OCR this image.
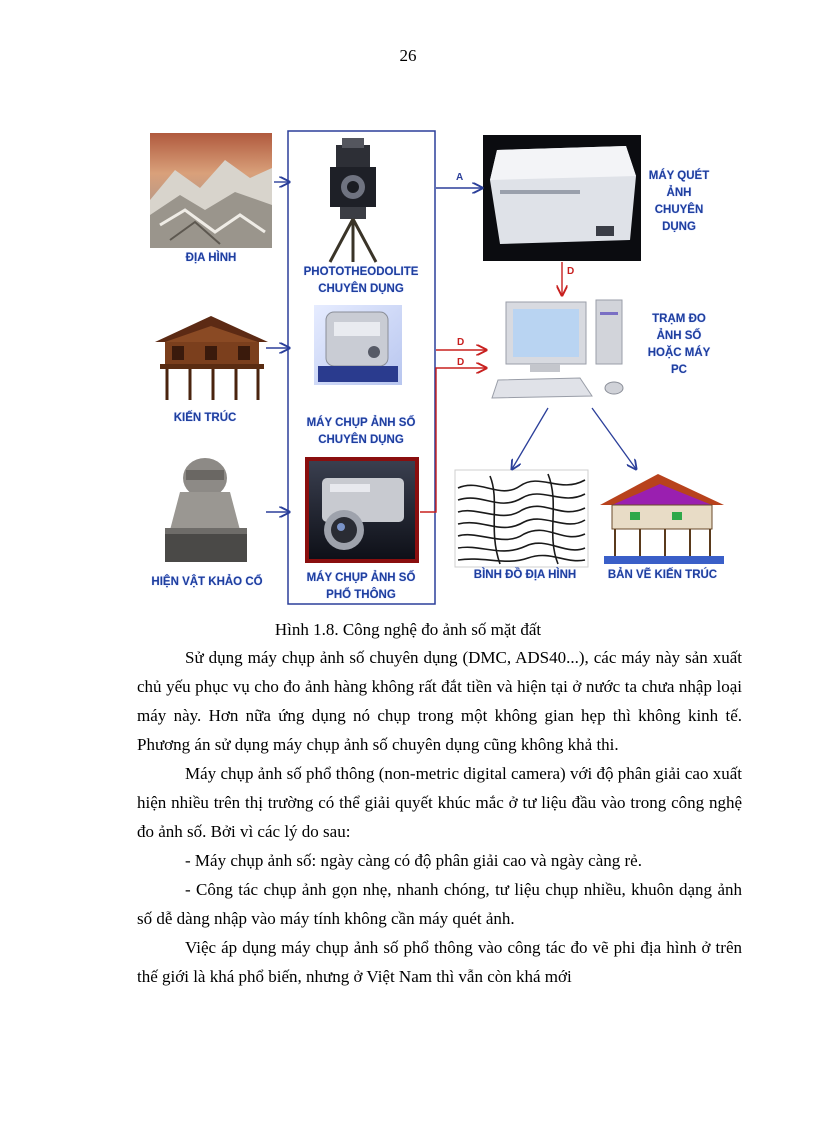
26
A
D
D
D
ĐỊA HÌNH
KIẾN TRÚC
HIỆN VẬT KHẢO CỔ
PHOTOTHEODOLITE CHUYÊN DỤNG
MÁY CHỤP ẢNH SỐ CHUYÊN DỤNG
MÁY CHỤP ẢNH SỐ PHỔ THÔNG
MÁY QUÉT ẢNH CHUYÊN DỤNG
TRẠM ĐO ẢNH SỐ HOẶC MÁY PC
BÌNH ĐỒ ĐỊA HÌNH	BẢN VẼ KIẾN TRÚC
Hình 1.8. Công nghệ đo ảnh số mặt đất

Sử dụng máy chụp ảnh số chuyên dụng (DMC, ADS40...), các máy này sản xuất chủ yếu phục vụ cho đo ảnh hàng không rất đắt tiền và hiện tại ở nước ta chưa nhập loại máy này. Hơn nữa ứng dụng nó chụp trong một không gian hẹp thì không kinh tế. Phương án sử dụng máy chụp ảnh số chuyên dụng cũng không khả thi.

Máy chụp ảnh số phổ thông (non-metric digital camera) với độ phân giải cao xuất hiện nhiều trên thị trường có thể giải quyết khúc mắc ở tư liệu đầu vào trong công nghệ đo ảnh số. Bởi vì các lý do sau:

- Máy chụp ảnh số: ngày càng có độ phân giải cao và ngày càng rẻ.

- Công tác chụp ảnh gọn nhẹ, nhanh chóng, tư liệu chụp nhiều, khuôn dạng ảnh số dễ dàng nhập vào máy tính không cần máy quét ảnh.

Việc áp dụng máy chụp ảnh số phổ thông vào công tác đo vẽ phi địa hình ở trên thế giới là khá phổ biến, nhưng ở Việt Nam thì vẫn còn khá mới
